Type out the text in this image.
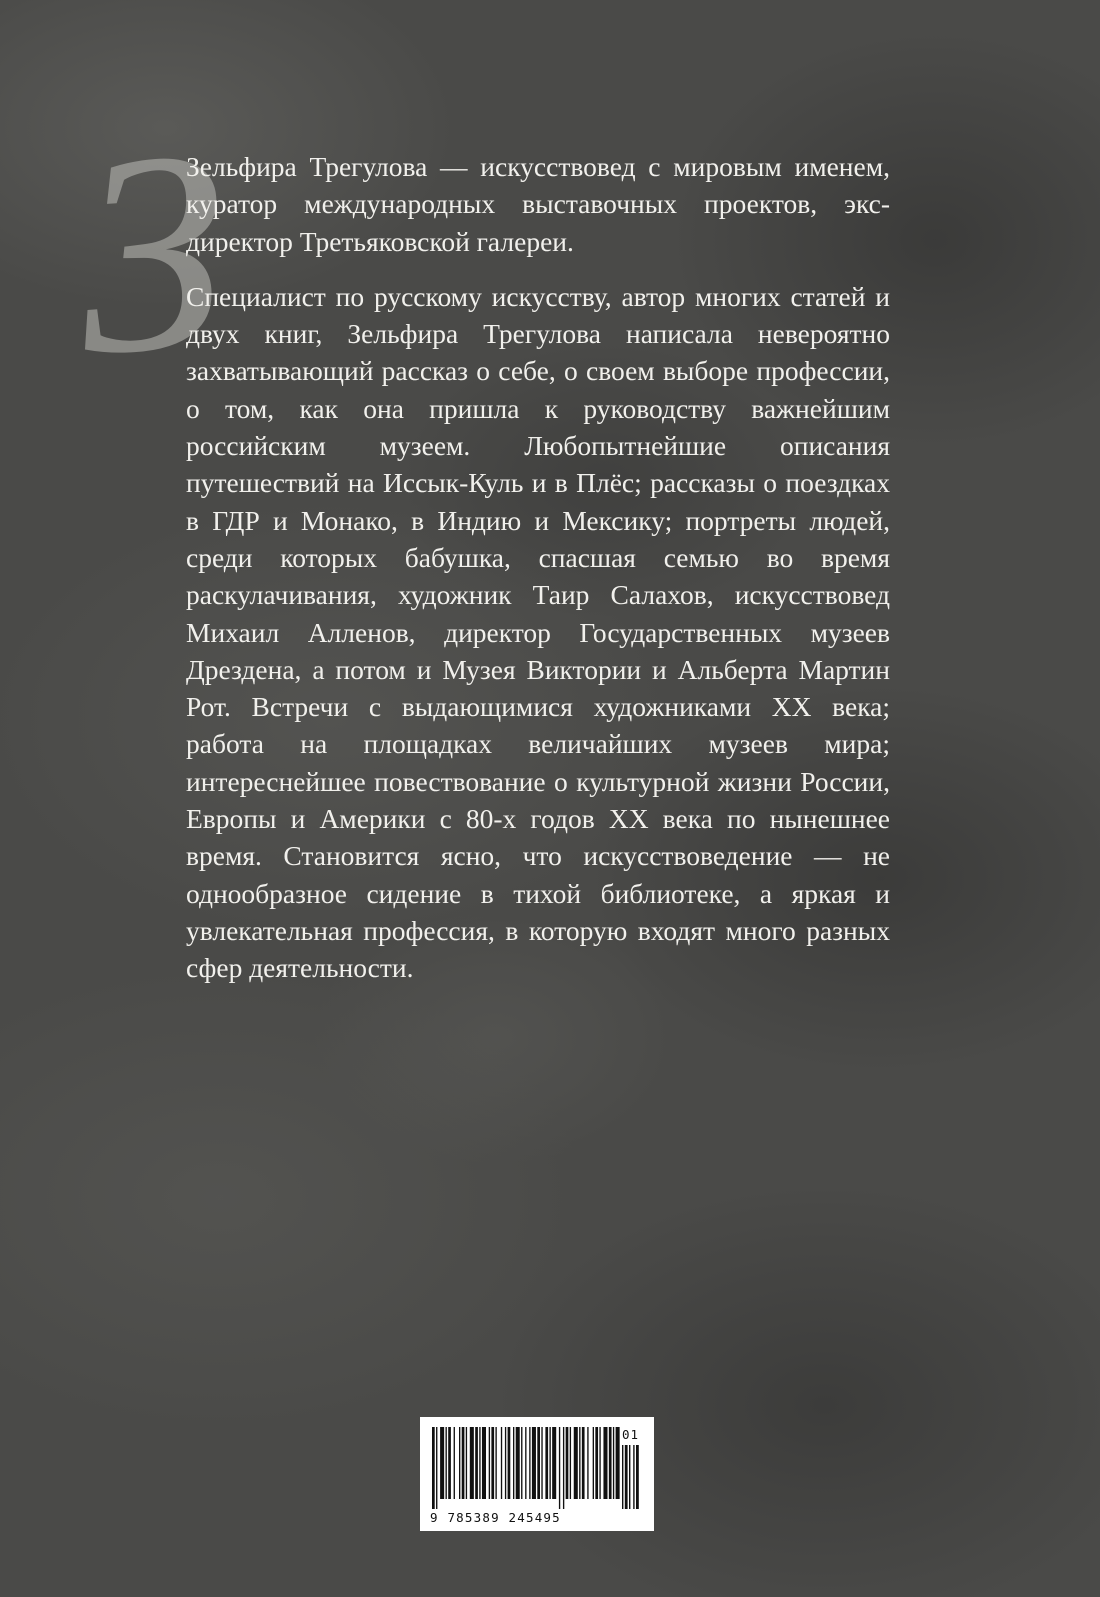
З

Зельфира Трегулова — искусствовед с мировым именем, куратор международных выставочных проектов, экс-директор Третьяковской галереи.

Специалист по русскому искусству, автор многих статей и двух книг, Зельфира Трегулова написала невероятно захватывающий рассказ о себе, о своем выборе профессии, о том, как она пришла к руководству важнейшим российским музеем. Любопытнейшие описания путешествий на Иссык-Куль и в Плёс; рассказы о поездках в ГДР и Монако, в Индию и Мексику; портреты людей, среди которых бабушка, спасшая семью во время раскулачивания, художник Таир Салахов, искусствовед Михаил Алленов, директор Государственных музеев Дрездена, а потом и Музея Виктории и Альберта Мартин Рот. Встречи с выдающимися художниками XX века; работа на площадках величайших музеев мира; интереснейшее повествование о культурной жизни России, Европы и Америки с 80-х годов XX века по нынешнее время. Становится ясно, что искусствоведение — не однообразное сидение в тихой библиотеке, а яркая и увлекательная профессия, в которую входят много разных сфер деятельности.

9 785389 245495
01
